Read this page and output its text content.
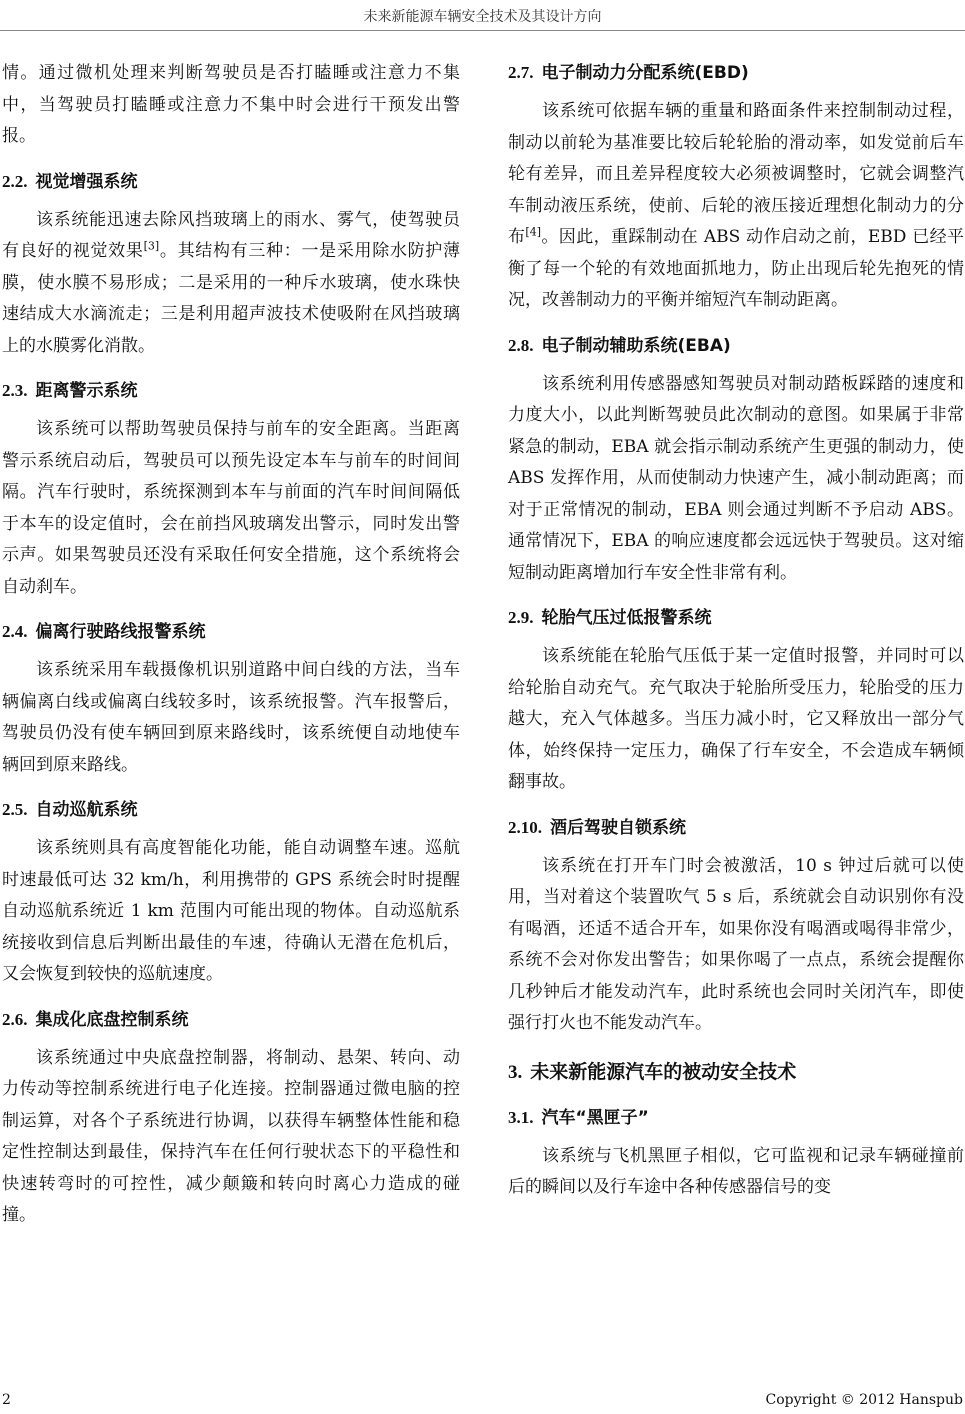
未来新能源车辆安全技术及其设计方向

情。通过微机处理来判断驾驶员是否打瞌睡或注意力不集中，当驾驶员打瞌睡或注意力不集中时会进行干预发出警报。

2.2. 视觉增强系统

该系统能迅速去除风挡玻璃上的雨水、雾气，使驾驶员有良好的视觉效果[3]。其结构有三种：一是采用除水防护薄膜，使水膜不易形成；二是采用的一种斥水玻璃，使水珠快速结成大水滴流走；三是利用超声波技术使吸附在风挡玻璃上的水膜雾化消散。

2.3. 距离警示系统

该系统可以帮助驾驶员保持与前车的安全距离。当距离警示系统启动后，驾驶员可以预先设定本车与前车的时间间隔。汽车行驶时，系统探测到本车与前面的汽车时间间隔低于本车的设定值时，会在前挡风玻璃发出警示，同时发出警示声。如果驾驶员还没有采取任何安全措施，这个系统将会自动刹车。

2.4. 偏离行驶路线报警系统

该系统采用车载摄像机识别道路中间白线的方法，当车辆偏离白线或偏离白线较多时，该系统报警。汽车报警后，驾驶员仍没有使车辆回到原来路线时，该系统便自动地使车辆回到原来路线。

2.5. 自动巡航系统

该系统则具有高度智能化功能，能自动调整车速。巡航时速最低可达 32 km/h，利用携带的 GPS 系统会时时提醒自动巡航系统近 1 km 范围内可能出现的物体。自动巡航系统接收到信息后判断出最佳的车速，待确认无潜在危机后，又会恢复到较快的巡航速度。

2.6. 集成化底盘控制系统

该系统通过中央底盘控制器，将制动、悬架、转向、动力传动等控制系统进行电子化连接。控制器通过微电脑的控制运算，对各个子系统进行协调，以获得车辆整体性能和稳定性控制达到最佳，保持汽车在任何行驶状态下的平稳性和快速转弯时的可控性，减少颠簸和转向时离心力造成的碰撞。

2.7. 电子制动力分配系统(EBD)

该系统可依据车辆的重量和路面条件来控制制动过程，制动以前轮为基准要比较后轮轮胎的滑动率，如发觉前后车轮有差异，而且差异程度较大必须被调整时，它就会调整汽车制动液压系统，使前、后轮的液压接近理想化制动力的分布[4]。因此，重踩制动在 ABS 动作启动之前，EBD 已经平衡了每一个轮的有效地面抓地力，防止出现后轮先抱死的情况，改善制动力的平衡并缩短汽车制动距离。

2.8. 电子制动辅助系统(EBA)

该系统利用传感器感知驾驶员对制动踏板踩踏的速度和力度大小，以此判断驾驶员此次制动的意图。如果属于非常紧急的制动，EBA 就会指示制动系统产生更强的制动力，使 ABS 发挥作用，从而使制动力快速产生，减小制动距离；而对于正常情况的制动，EBA 则会通过判断不予启动 ABS。通常情况下，EBA 的响应速度都会远远快于驾驶员。这对缩短制动距离增加行车安全性非常有利。

2.9. 轮胎气压过低报警系统

该系统能在轮胎气压低于某一定值时报警，并同时可以给轮胎自动充气。充气取决于轮胎所受压力，轮胎受的压力越大，充入气体越多。当压力减小时，它又释放出一部分气体，始终保持一定压力，确保了行车安全，不会造成车辆倾翻事故。

2.10. 酒后驾驶自锁系统

该系统在打开车门时会被激活，10 s 钟过后就可以使用，当对着这个装置吹气 5 s 后，系统就会自动识别你有没有喝酒，还适不适合开车，如果你没有喝酒或喝得非常少，系统不会对你发出警告；如果你喝了一点点，系统会提醒你几秒钟后才能发动汽车，此时系统也会同时关闭汽车，即使强行打火也不能发动汽车。

3. 未来新能源汽车的被动安全技术
3.1. 汽车“黑匣子”

该系统与飞机黑匣子相似，它可监视和记录车辆碰撞前后的瞬间以及行车途中各种传感器信号的变

2	Copyright © 2012 Hanspub
